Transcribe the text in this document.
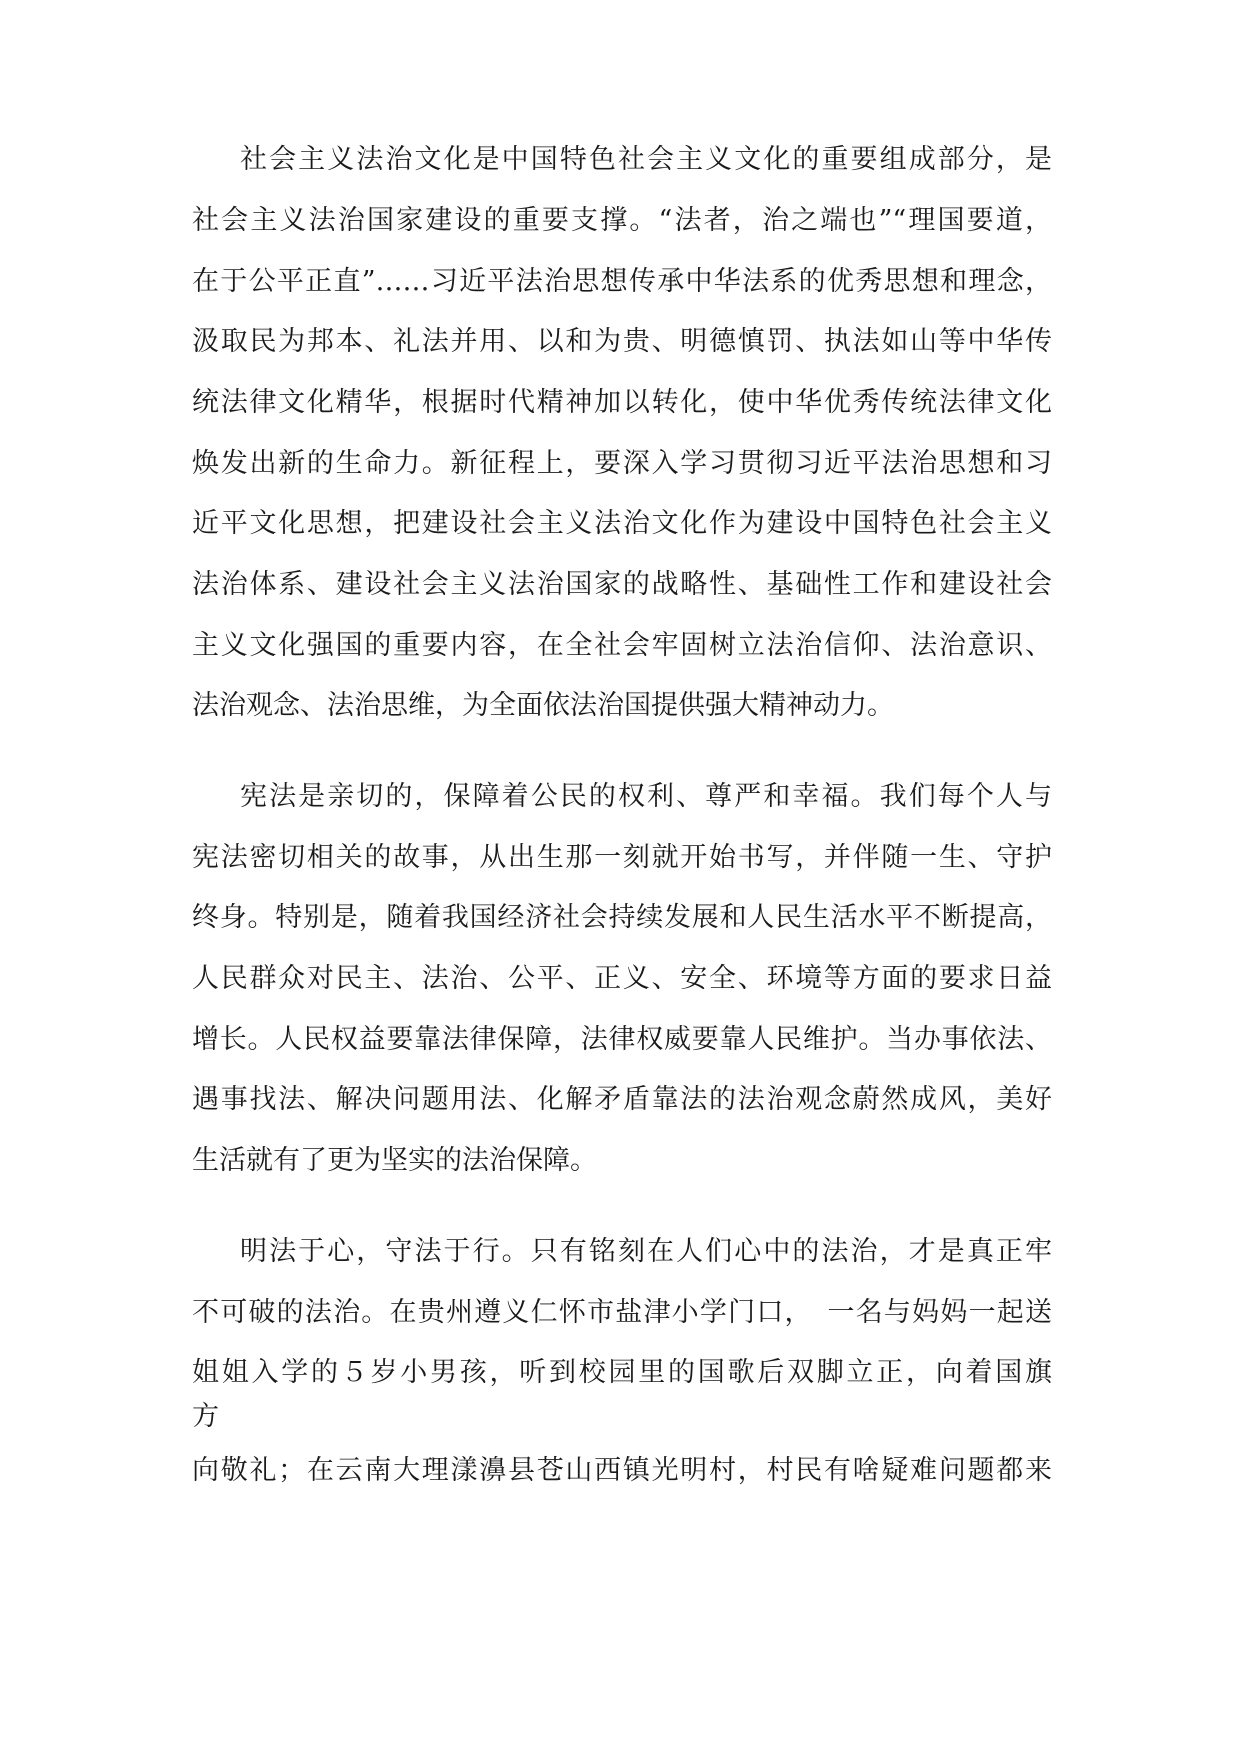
社会主义法治文化是中国特色社会主义文化的重要组成部分，是
社会主义法治国家建设的重要支撑。“法者，治之端也”“理国要道，
在于公平正直”……习近平法治思想传承中华法系的优秀思想和理念，
汲取民为邦本、礼法并用、以和为贵、明德慎罚、执法如山等中华传
统法律文化精华，根据时代精神加以转化，使中华优秀传统法律文化
焕发出新的生命力。新征程上，要深入学习贯彻习近平法治思想和习
近平文化思想，把建设社会主义法治文化作为建设中国特色社会主义
法治体系、建设社会主义法治国家的战略性、基础性工作和建设社会
主义文化强国的重要内容，在全社会牢固树立法治信仰、法治意识、
法治观念、法治思维，为全面依法治国提供强大精神动力。
宪法是亲切的，保障着公民的权利、尊严和幸福。我们每个人与
宪法密切相关的故事，从出生那一刻就开始书写，并伴随一生、守护
终身。特别是，随着我国经济社会持续发展和人民生活水平不断提高，
人民群众对民主、法治、公平、正义、安全、环境等方面的要求日益
增长。人民权益要靠法律保障，法律权威要靠人民维护。当办事依法、
遇事找法、解决问题用法、化解矛盾靠法的法治观念蔚然成风，美好
生活就有了更为坚实的法治保障。
明法于心，守法于行。只有铭刻在人们心中的法治，才是真正牢
不可破的法治。在贵州遵义仁怀市盐津小学门口，　一名与妈妈一起送
姐姐入学的５岁小男孩，听到校园里的国歌后双脚立正，向着国旗
方
向敬礼；在云南大理漾濞县苍山西镇光明村，村民有啥疑难问题都来
